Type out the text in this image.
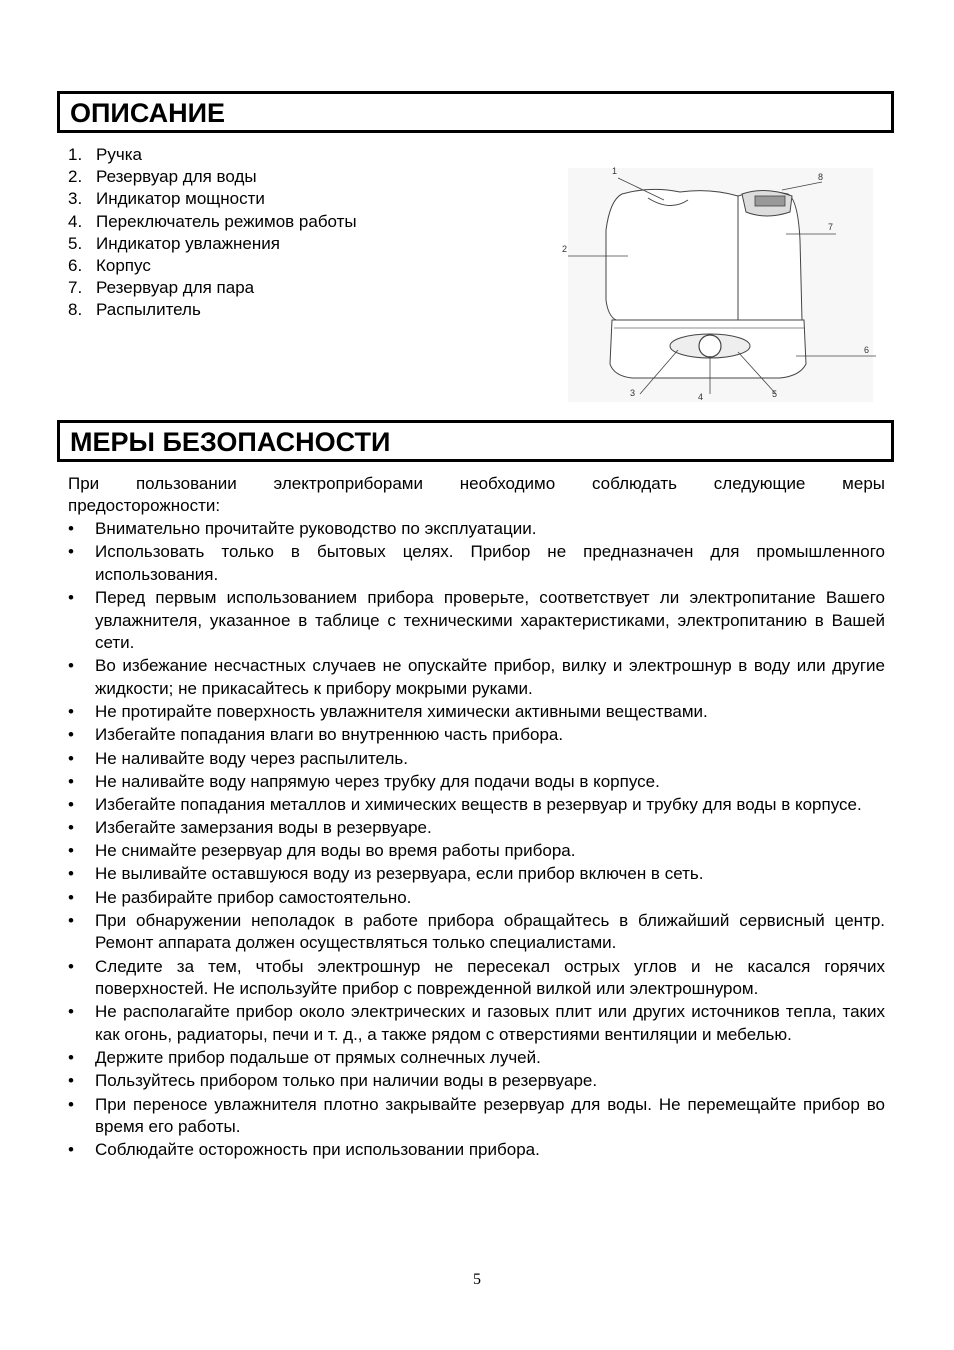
ОПИСАНИЕ
1. Ручка
2. Резервуар для воды
3. Индикатор мощности
4. Переключатель режимов работы
5. Индикатор увлажнения
6. Корпус
7. Резервуар для пара
8. Распылитель
1
2
3	4	5
6
7
8
МЕРЫ БЕЗОПАСНОСТИ
При пользовании электроприборами необходимо соблюдать следующие меры
предосторожности:
•	Внимательно прочитайте руководство по эксплуатации.
•	Использовать только в бытовых целях. Прибор не предназначен для промышленного использования.
•	Перед первым использованием прибора проверьте, соответствует ли электропитание Вашего увлажнителя, указанное в таблице с техническими характеристиками, электропитанию в Вашей сети.
•	Во избежание несчастных случаев не опускайте прибор, вилку и электрошнур в воду или другие жидкости; не прикасайтесь к прибору мокрыми руками.
•	Не протирайте поверхность увлажнителя химически активными веществами.
•	Избегайте попадания влаги во внутреннюю часть прибора.
•	Не наливайте воду через распылитель.
•	Не наливайте воду напрямую через трубку для подачи воды в корпусе.
•	Избегайте попадания металлов и химических веществ в резервуар и трубку для воды в корпусе.
•	Избегайте замерзания воды в резервуаре.
•	Не снимайте резервуар для воды во время работы прибора.
•	Не выливайте оставшуюся воду из резервуара, если прибор включен в сеть.
•	Не разбирайте прибор самостоятельно.
•	При обнаружении неполадок в работе прибора обращайтесь в ближайший сервисный центр. Ремонт аппарата должен осуществляться только специалистами.
•	Следите за тем, чтобы электрошнур не пересекал острых углов и не касался горячих поверхностей. Не используйте прибор с поврежденной вилкой или электрошнуром.
•	Не располагайте прибор около электрических и газовых плит или других источников тепла, таких как огонь, радиаторы, печи и т. д., а также рядом с отверстиями вентиляции и мебелью.
•	Держите прибор подальше от прямых солнечных лучей.
•	Пользуйтесь прибором только при наличии воды в резервуаре.
•	При переносе увлажнителя плотно закрывайте резервуар для воды. Не перемещайте прибор во время его работы.
•	Соблюдайте осторожность при использовании прибора.
5
